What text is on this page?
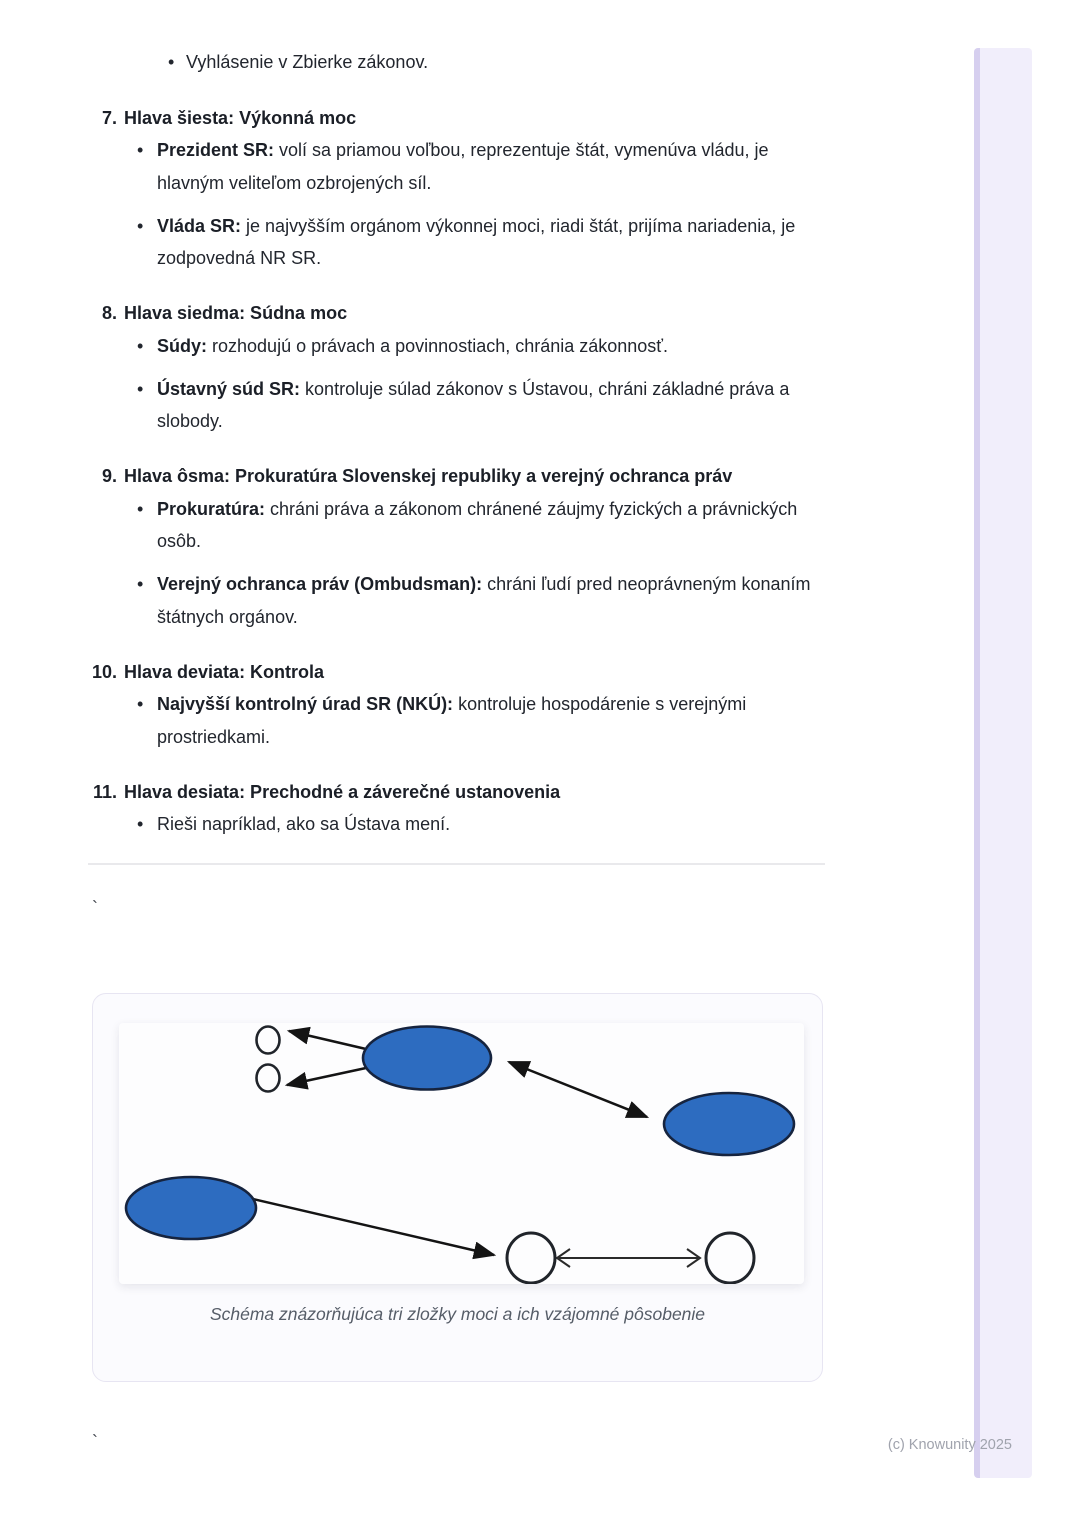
• Vyhlásenie v Zbierke zákonov.

7. Hlava šiesta: Výkonná moc
• Prezident SR: volí sa priamou voľbou, reprezentuje štát, vymenúva vládu, je hlavným veliteľom ozbrojených síl.

• Vláda SR: je najvyšším orgánom výkonnej moci, riadi štát, prijíma nariadenia, je zodpovedná NR SR.

8. Hlava siedma: Súdna moc
• Súdy: rozhodujú o právach a povinnostiach, chránia zákonnosť.

• Ústavný súd SR: kontroluje súlad zákonov s Ústavou, chráni základné práva a slobody.

9. Hlava ôsma: Prokuratúra Slovenskej republiky a verejný ochranca práv
• Prokuratúra: chráni práva a zákonom chránené záujmy fyzických a právnických osôb.

• Verejný ochranca práv (Ombudsman): chráni ľudí pred neoprávneným konaním štátnych orgánov.

10. Hlava deviata: Kontrola
• Najvyšší kontrolný úrad SR (NKÚ): kontroluje hospodárenie s verejnými prostriedkami.

11. Hlava desiata: Prechodné a záverečné ustanovenia
• Rieši napríklad, ako sa Ústava mení.

`
Schéma znázorňujúca tri zložky moci a ich vzájomné pôsobenie
`	(c) Knowunity 2025
